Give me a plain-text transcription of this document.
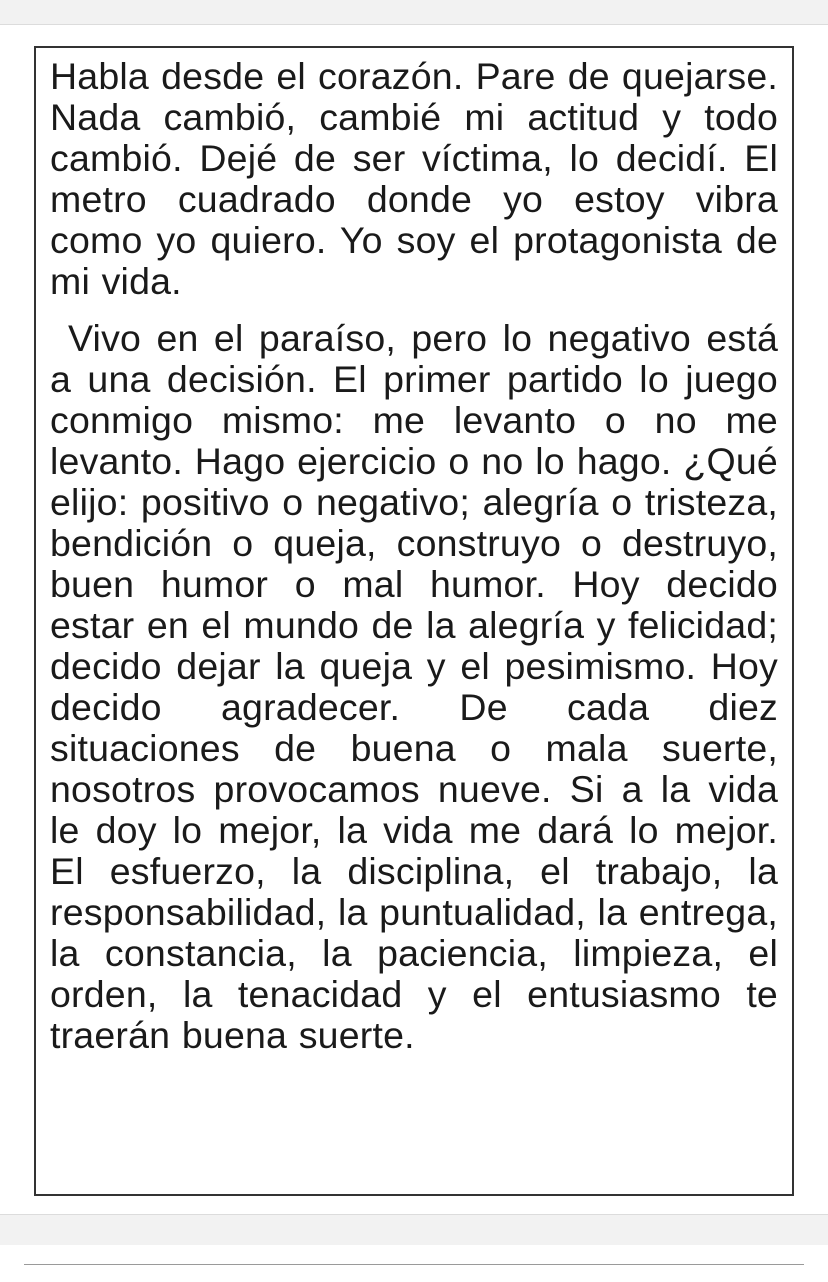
Habla desde el corazón. Pare de quejarse. Nada cambió, cambié mi actitud y todo cambió. Dejé de ser víctima, lo decidí. El metro cuadrado donde yo estoy vibra como yo quiero. Yo soy el protagonista de mi vida.

Vivo en el paraíso, pero lo negativo está a una decisión. El primer partido lo juego conmigo mismo: me levanto o no me levanto. Hago ejercicio o no lo hago. ¿Qué elijo: positivo o negativo; alegría o tristeza, bendición o queja, construyo o destruyo, buen humor o mal humor. Hoy decido estar en el mundo de la alegría y felicidad; decido dejar la queja y el pesimismo. Hoy decido agradecer. De cada diez situaciones de buena o mala suerte, nosotros provocamos nueve. Si a la vida le doy lo mejor, la vida me dará lo mejor. El esfuerzo, la disciplina, el trabajo, la responsabilidad, la puntualidad, la entrega, la constancia, la paciencia, limpieza, el orden, la tenacidad y el entusiasmo te traerán buena suerte.
